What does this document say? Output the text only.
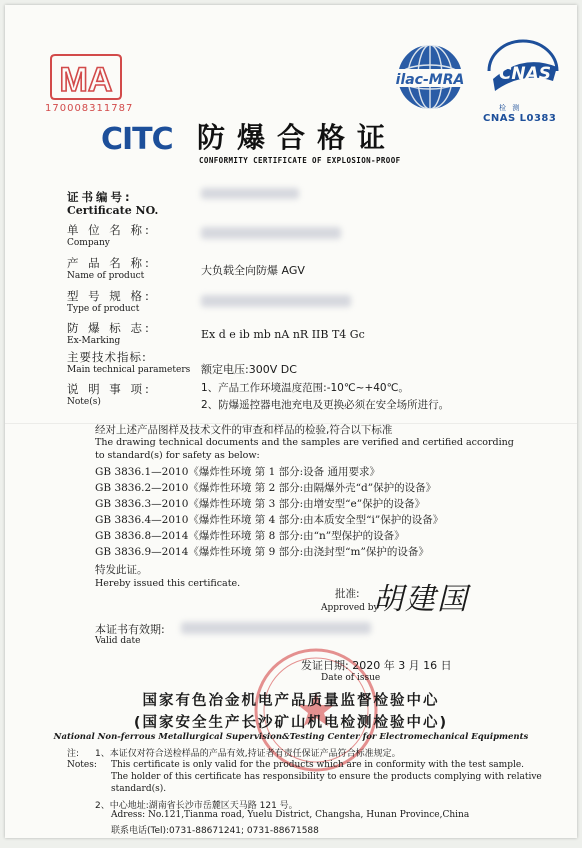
MA
170008311787
ilac-MRA CNAS
检 测
CNAS L0383
CITC 防爆合格证
CONFORMITY CERTIFICATE OF EXPLOSION-PROOF
证书编号:
Certificate NO.
单 位 名 称:
Company
产 品 名 称:
Name of product	大负载全向防爆 AGV
型 号 规 格:
Type of product
防 爆 标 志:
Ex-Marking	Ex d e ib mb nA nR IIB T4 Gc
主要技术指标:
Main technical parameters 额定电压:300V DC
说 明 事 项:
Note(s)
1、产品工作环境温度范围:-10℃~+40℃。
2、防爆遥控器电池充电及更换必须在安全场所进行。
经对上述产品图样及技术文件的审查和样品的检验,符合以下标准
The drawing technical documents and the samples are verified and certified according
to standard(s) for safety as below:
GB 3836.1—2010《爆炸性环境 第 1 部分:设备 通用要求》
GB 3836.2—2010《爆炸性环境 第 2 部分:由隔爆外壳“d”保护的设备》
GB 3836.3—2010《爆炸性环境 第 3 部分:由增安型“e”保护的设备》
GB 3836.4—2010《爆炸性环境 第 4 部分:由本质安全型“i”保护的设备》
GB 3836.8—2014《爆炸性环境 第 8 部分:由“n”型保护的设备》
GB 3836.9—2014《爆炸性环境 第 9 部分:由浇封型“m”保护的设备》
特发此证。
Hereby issued this certificate.
批准:
Approved by
胡建国
本证书有效期:
Valid date
发证日期: 2020 年 3 月 16 日
Date of issue
国家有色冶金机电产品质量监督检验中心
(国家安全生产长沙矿山机电检测检验中心)
National Non-ferrous Metallurgical Supervision&Testing Center for Electromechanical Equipments
注: 1、本证仅对符合送检样品的产品有效,持证者有责任保证产品符合标准规定。
Notes: This certificate is only valid for the products which are in conformity with the test sample.
The holder of this certificate has responsibility to ensure the products complying with relative
standard(s).
2、中心地址:湖南省长沙市岳麓区天马路 121 号。
Adress: No.121,Tianma road, Yuelu District, Changsha, Hunan Province,China
联系电话(Tel):0731-88671241; 0731-88671588
